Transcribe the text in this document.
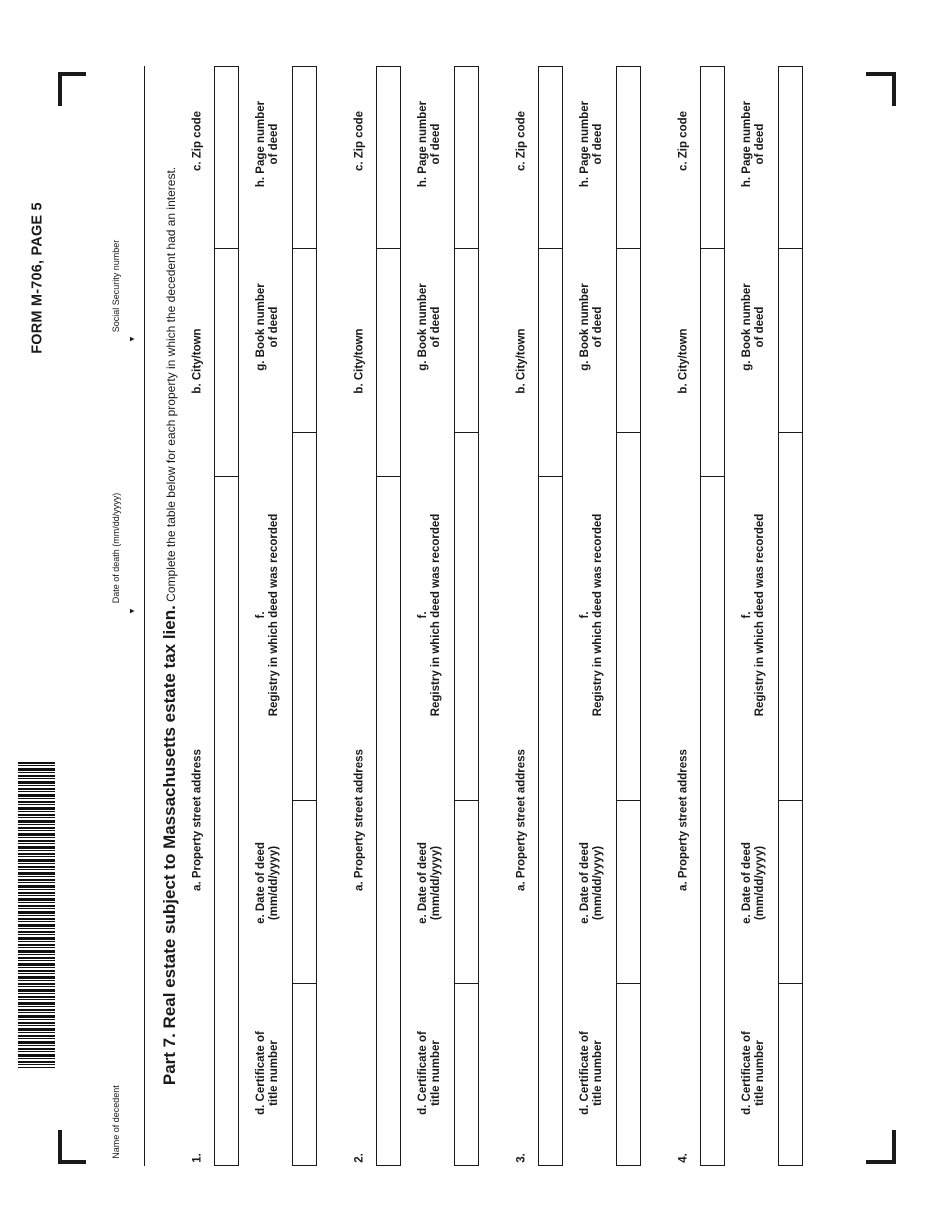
FORM M-706, PAGE 5
Name of decedent
Date of death (mm/dd/yyyy)
▼
Social Security number
▼
Part 7. Real estate subject to Massachusetts estate tax lien. Complete the table below for each property in which the decedent had an interest.
1.
a. Property street address
b. City/town
c. Zip code
d. Certificate of title number
e. Date of deed (mm/dd/yyyy)
f. Registry in which deed was recorded
g. Book number of deed
h. Page number of deed
2.
a. Property street address
b. City/town
c. Zip code
d. Certificate of title number
e. Date of deed (mm/dd/yyyy)
f. Registry in which deed was recorded
g. Book number of deed
h. Page number of deed
3.
a. Property street address
b. City/town
c. Zip code
d. Certificate of title number
e. Date of deed (mm/dd/yyyy)
f. Registry in which deed was recorded
g. Book number of deed
h. Page number of deed
4.
a. Property street address
b. City/town
c. Zip code
d. Certificate of title number
e. Date of deed (mm/dd/yyyy)
f. Registry in which deed was recorded
g. Book number of deed
h. Page number of deed
